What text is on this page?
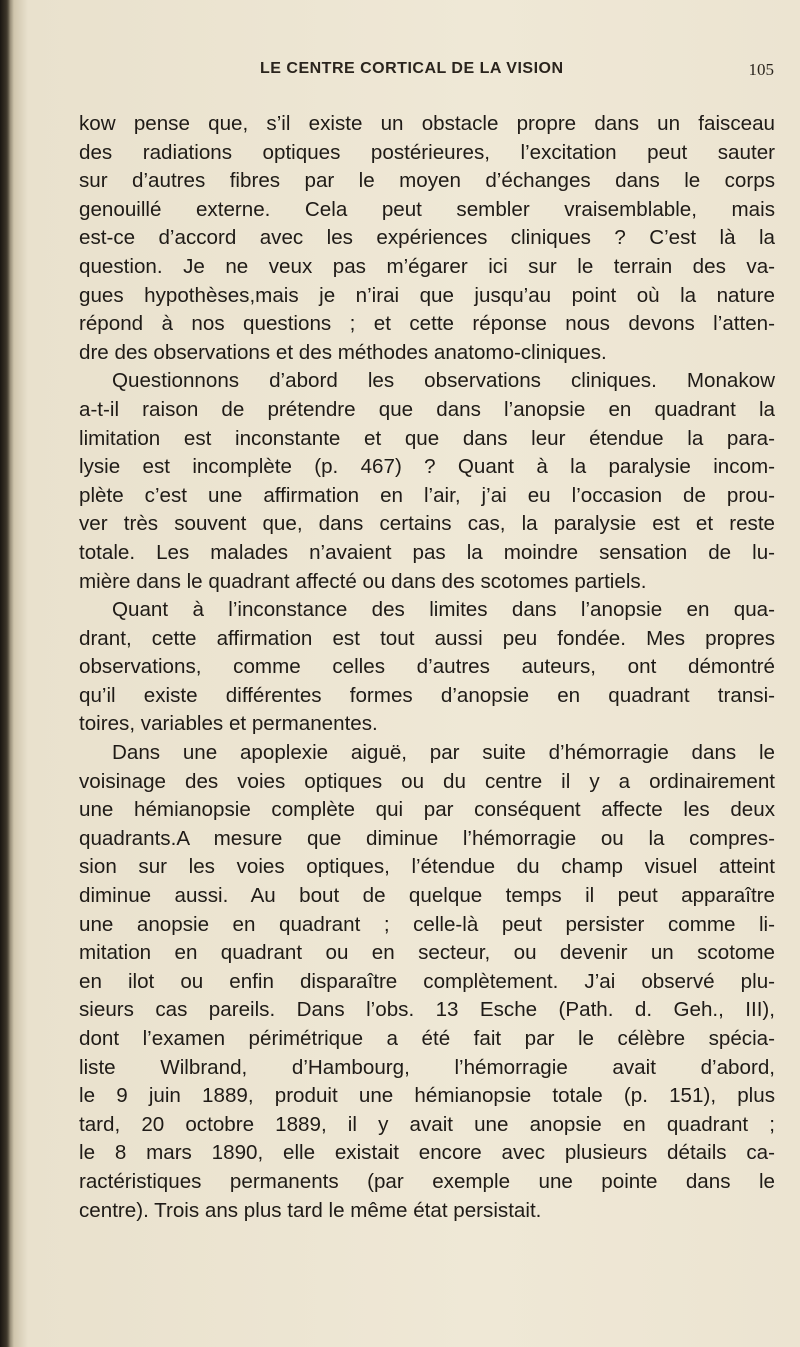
LE CENTRE CORTICAL DE LA VISION	105
kow pense que, s’il existe un obstacle propre dans un faisceau
des radiations optiques postérieures, l’excitation peut sauter
sur d’autres fibres par le moyen d’échanges dans le corps
genouillé externe. Cela peut sembler vraisemblable, mais
est-ce d’accord avec les expériences cliniques ? C’est là la
question. Je ne veux pas m’égarer ici sur le terrain des va-
gues hypothèses,mais je n’irai que jusqu’au point où la nature
répond à nos questions ; et cette réponse nous devons l’atten-
dre des observations et des méthodes anatomo-cliniques.
Questionnons d’abord les observations cliniques. Monakow
a-t-il raison de prétendre que dans l’anopsie en quadrant la
limitation est inconstante et que dans leur étendue la para-
lysie est incomplète (p. 467) ? Quant à la paralysie incom-
plète c’est une affirmation en l’air, j’ai eu l’occasion de prou-
ver très souvent que, dans certains cas, la paralysie est et reste
totale. Les malades n’avaient pas la moindre sensation de lu-
mière dans le quadrant affecté ou dans des scotomes partiels.
Quant à l’inconstance des limites dans l’anopsie en qua-
drant, cette affirmation est tout aussi peu fondée. Mes propres
observations, comme celles d’autres auteurs, ont démontré
qu’il existe différentes formes d’anopsie en quadrant transi-
toires, variables et permanentes.
Dans une apoplexie aiguë, par suite d’hémorragie dans le
voisinage des voies optiques ou du centre il y a ordinairement
une hémianopsie complète qui par conséquent affecte les deux
quadrants.A mesure que diminue l’hémorragie ou la compres-
sion sur les voies optiques, l’étendue du champ visuel atteint
diminue aussi. Au bout de quelque temps il peut apparaître
une anopsie en quadrant ; celle-là peut persister comme li-
mitation en quadrant ou en secteur, ou devenir un scotome
en ilot ou enfin disparaître complètement. J’ai observé plu-
sieurs cas pareils. Dans l’obs. 13 Esche (Path. d. Geh., III),
dont l’examen périmétrique a été fait par le célèbre spécia-
liste Wilbrand, d’Hambourg, l’hémorragie avait d’abord,
le 9 juin 1889, produit une hémianopsie totale (p. 151), plus
tard, 20 octobre 1889, il y avait une anopsie en quadrant ;
le 8 mars 1890, elle existait encore avec plusieurs détails ca-
ractéristiques permanents (par exemple une pointe dans le
centre). Trois ans plus tard le même état persistait.
